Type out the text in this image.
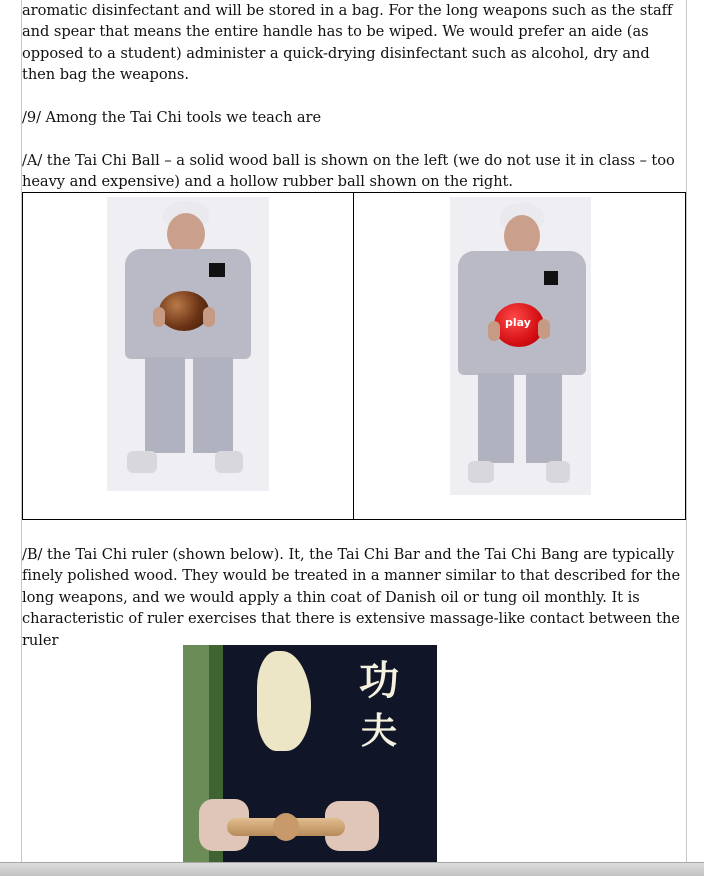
aromatic disinfectant and will be stored in a bag. For the long weapons such as the staff and spear that means the entire handle has to be wiped. We would prefer an aide (as opposed to a student) administer a quick-drying disinfectant such as alcohol, dry and then bag the weapons.
/9/ Among the Tai Chi tools we teach are
/A/ the Tai Chi Ball – a solid wood ball is shown on the left (we do not use it in class – too heavy and expensive) and a hollow rubber ball shown on the right.
play
/B/ the Tai Chi ruler (shown below). It, the Tai Chi Bar and the Tai Chi Bang are typically finely polished wood. They would be treated in a manner similar to that described for the long weapons, and we would apply a thin coat of Danish oil or tung oil monthly. It is characteristic of ruler exercises that there is extensive massage-like contact between the ruler
功
夫
